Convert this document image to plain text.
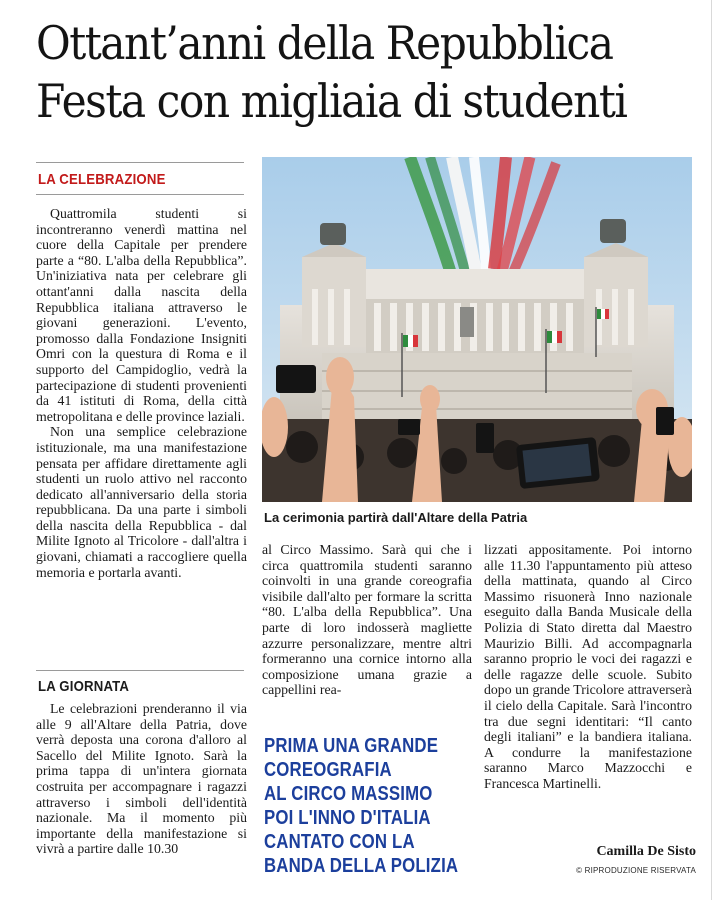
Ottant’anni della Repubblica
Festa con migliaia di studenti
LA CELEBRAZIONE

Quattromila studenti si incontreranno venerdì mattina nel cuore della Capitale per prendere parte a “80. L'alba della Repubblica”. Un'iniziativa nata per celebrare gli ottant'anni dalla nascita della Repubblica italiana attraverso le giovani generazioni. L'evento, promosso dalla Fondazione Insigniti Omri con la questura di Roma e il supporto del Campidoglio, vedrà la partecipazione di studenti provenienti da 41 istituti di Roma, della città metropolitana e delle province laziali.

Non una semplice celebrazione istituzionale, ma una manifestazione pensata per affidare direttamente agli studenti un ruolo attivo nel racconto dedicato all'anniversario della storia repubblicana. Da una parte i simboli della nascita della Repubblica - dal Milite Ignoto al Tricolore - dall'altra i giovani, chiamati a raccogliere quella memoria e portarla avanti.

LA GIORNATA

Le celebrazioni prenderanno il via alle 9 all'Altare della Patria, dove verrà deposta una corona d'alloro al Sacello del Milite Ignoto. Sarà la prima tappa di un'intera giornata costruita per accompagnare i ragazzi attraverso i simboli dell'identità nazionale. Ma il momento più importante della manifestazione si vivrà a partire dalle 10.30

La cerimonia partirà dall'Altare della Patria

al Circo Massimo. Sarà qui che i circa quattromila studenti saranno coinvolti in una grande coreografia visibile dall'alto per formare la scritta “80. L'alba della Repubblica”. Una parte di loro indosserà magliette azzurre personalizzare, mentre altri formeranno una cornice intorno alla composizione umana grazie a cappellini rea-

PRIMA UNA GRANDE
COREOGRAFIA
AL CIRCO MASSIMO
POI L'INNO D'ITALIA
CANTATO CON LA
BANDA DELLA POLIZIA

lizzati appositamente. Poi intorno alle 11.30 l'appuntamento più atteso della mattinata, quando al Circo Massimo risuonerà Inno nazionale eseguito dalla Banda Musicale della Polizia di Stato diretta dal Maestro Maurizio Billi. Ad accompagnarla saranno proprio le voci dei ragazzi e delle ragazze delle scuole. Subito dopo un grande Tricolore attraverserà il cielo della Capitale. Sarà l'incontro tra due segni identitari: “Il canto degli italiani” e la bandiera italiana. A condurre la manifestazione saranno Marco Mazzocchi e Francesca Martinelli.

Camilla De Sisto

© RIPRODUZIONE RISERVATA
